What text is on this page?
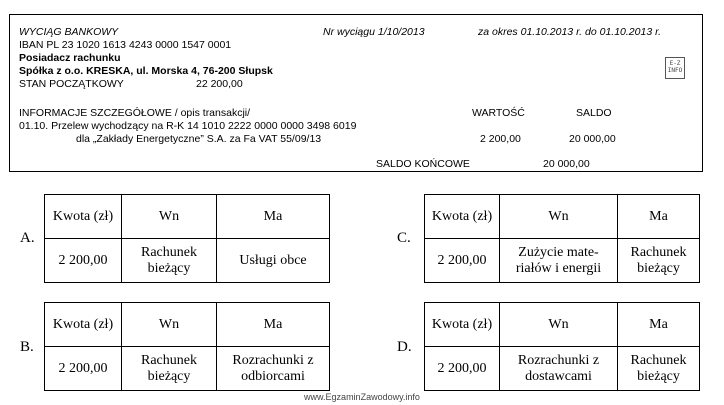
WYCIĄG BANKOWY	Nr wyciągu 1/10/2013	za okres 01.10.2013 r. do 01.10.2013 r.
IBAN PL 23 1020 1613 4243 0000 1547 0001
Posiadacz rachunku
Spółka z o.o. KRESKA, ul. Morska 4, 76-200 Słupsk
STAN POCZĄTKOWY	22 200,00
E-Z INFO
INFORMACJE SZCZEGÓŁOWE / opis transakcji/	WARTOŚĆ	SALDO
01.10. Przelew wychodzący na R-K 14 1010 2222 0000 0000 3498 6019
dla „Zakłady Energetyczne” S.A. za Fa VAT 55/09/13	2 200,00	20 000,00
SALDO KOŃCOWE	20 000,00
A.
Kwota (zł)	Wn	Ma
2 200,00	Rachunek bieżący	Usługi obce
B.
Kwota (zł)	Wn	Ma
2 200,00	Rachunek bieżący	Rozrachunki z odbiorcami
C.
Kwota (zł)	Wn	Ma
2 200,00	Zużycie mate-riałów i energii	Rachunek bieżący
D.
Kwota (zł)	Wn	Ma
2 200,00	Rozrachunki z dostawcami	Rachunek bieżący
www.EgzaminZawodowy.info
